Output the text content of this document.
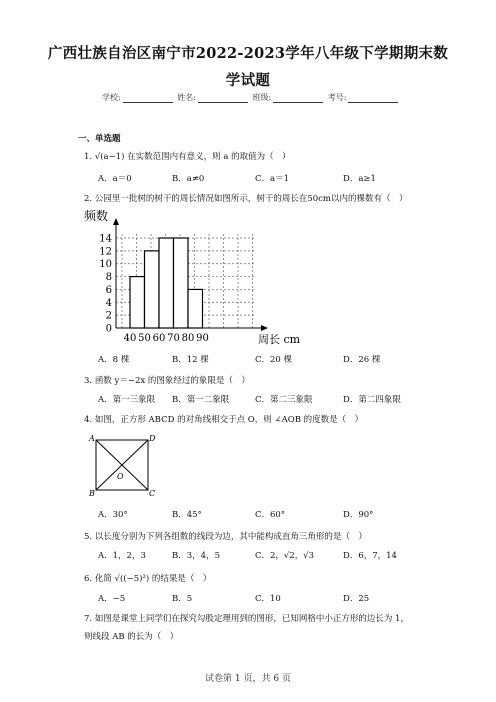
广西壮族自治区南宁市2022-2023学年八年级下学期期末数
学试题
学校:	姓名:	班级:	考号:
一、单选题
1. √(a−1) 在实数范围内有意义，则 a 的取值为（　）
A．a＝0	B．a≠0	C．a＝1	D．a≥1
2. 公园里一批树的树干的周长情况如图所示，树干的周长在50cm以内的棵数有（　）
0
2
4
6
8
10
12
14
40 50 60 70 80 90
频数
周长 cm
A．8 棵	B．12 棵	C．20 棵	D．26 棵
3. 函数 y＝−2x 的图象经过的象限是（　）
A．第一三象限 B．第一二象限	C．第二三象限	D．第二四象限
4. 如图，正方形 ABCD 的对角线相交于点 O，则 ∠AOB 的度数是（　）
A
B	C
D
O
A．30°	B．45°	C．60°	D．90°
5. 以长度分别为下列各组数的线段为边，其中能构成直角三角形的是（　）
A．1，2，3	B．3，4，5	C．2，√2，√3	D．6，7，14
6. 化简 √((−5)²) 的结果是（　）
A．−5	B．5	C．10	D．25
7. 如图是课堂上同学们在探究勾股定理用到的图形，已知网格中小正方形的边长为 1，
则线段 AB 的长为（　）
试卷第 1 页，共 6 页
